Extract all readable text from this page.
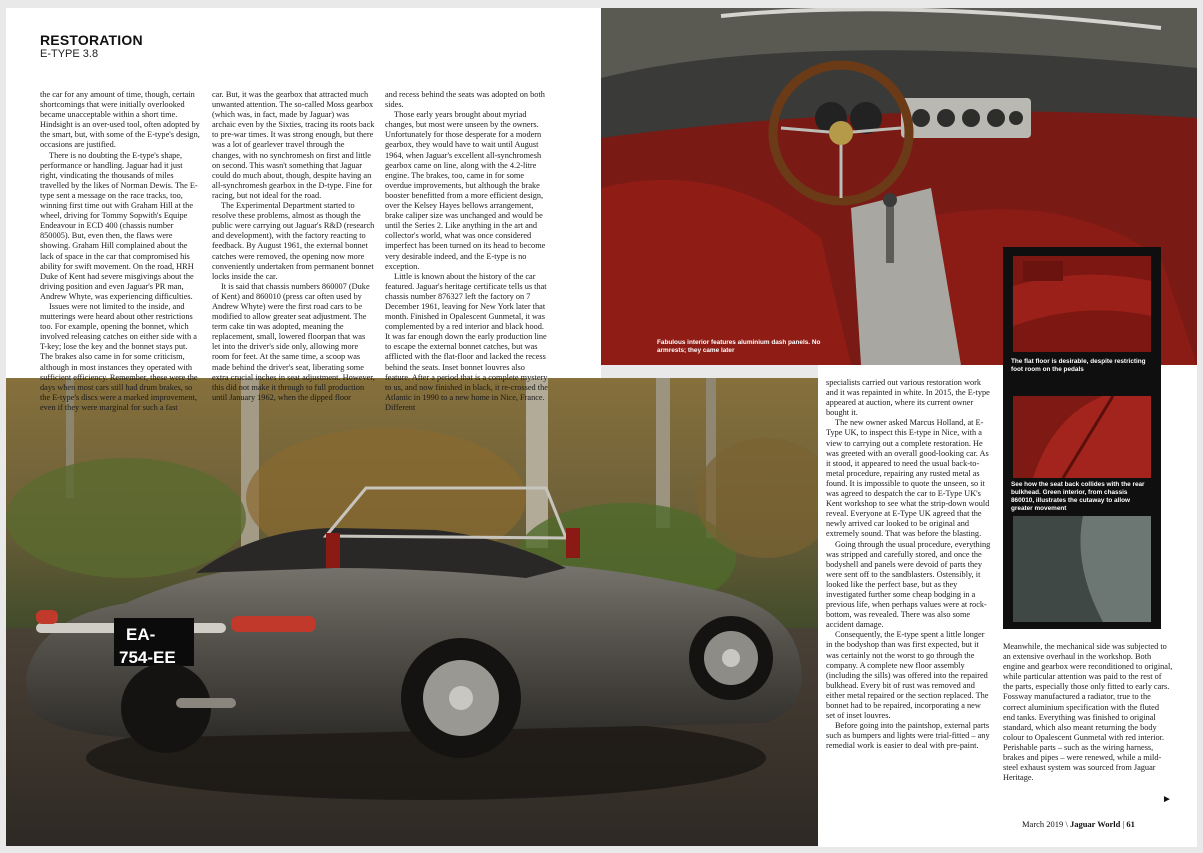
EA-
754-EE
RESTORATION
E-TYPE 3.8

the car for any amount of time, though, certain shortcomings that were initially overlooked became unacceptable within a short time. Hindsight is an over-used tool, often adopted by the smart, but, with some of the E-type's design, occasions are justified.

There is no doubting the E-type's shape, performance or handling. Jaguar had it just right, vindicating the thousands of miles travelled by the likes of Norman Dewis. The E-type sent a message on the race tracks, too, winning first time out with Graham Hill at the wheel, driving for Tommy Sopwith's Equipe Endeavour in ECD 400 (chassis number 850005). But, even then, the flaws were showing. Graham Hill complained about the lack of space in the car that compromised his ability for swift movement. On the road, HRH Duke of Kent had severe misgivings about the driving position and even Jaguar's PR man, Andrew Whyte, was experiencing difficulties.

Issues were not limited to the inside, and mutterings were heard about other restrictions too. For example, opening the bonnet, which involved releasing catches on either side with a T-key; lose the key and the bonnet stays put. The brakes also came in for some criticism, although in most instances they operated with sufficient efficiency. Remember, these were the days when most cars still had drum brakes, so the E-type's discs were a marked improvement, even if they were marginal for such a fast

car. But, it was the gearbox that attracted much unwanted attention. The so-called Moss gearbox (which was, in fact, made by Jaguar) was archaic even by the Sixties, tracing its roots back to pre-war times. It was strong enough, but there was a lot of gearlever travel through the changes, with no synchromesh on first and little on second. This wasn't something that Jaguar could do much about, though, despite having an all-synchromesh gearbox in the D-type. Fine for racing, but not ideal for the road.

The Experimental Department started to resolve these problems, almost as though the public were carrying out Jaguar's R&D (research and development), with the factory reacting to feedback. By August 1961, the external bonnet catches were removed, the opening now more conveniently undertaken from permanent bonnet locks inside the car.

It is said that chassis numbers 860007 (Duke of Kent) and 860010 (press car often used by Andrew Whyte) were the first road cars to be modified to allow greater seat adjustment. The term cake tin was adopted, meaning the replacement, small, lowered floorpan that was let into the driver's side only, allowing more room for feet. At the same time, a scoop was made behind the driver's seat, liberating some extra crucial inches in seat adjustment. However, this did not make it through to full production until January 1962, when the dipped floor

and recess behind the seats was adopted on both sides.

Those early years brought about myriad changes, but most were unseen by the owners. Unfortunately for those desperate for a modern gearbox, they would have to wait until August 1964, when Jaguar's excellent all-synchromesh gearbox came on line, along with the 4.2-litre engine. The brakes, too, came in for some overdue improvements, but although the brake booster benefitted from a more efficient design, over the Kelsey Hayes bellows arrangement, brake caliper size was unchanged and would be until the Series 2. Like anything in the art and collector's world, what was once considered imperfect has been turned on its head to become very desirable indeed, and the E-type is no exception.

Little is known about the history of the car featured. Jaguar's heritage certificate tells us that chassis number 876327 left the factory on 7 December 1961, leaving for New York later that month. Finished in Opalescent Gunmetal, it was complemented by a red interior and black hood. It was far enough down the early production line to escape the external bonnet catches, but was afflicted with the flat-floor and lacked the recess behind the seats. Inset bonnet louvres also feature. After a period that is a complete mystery to us, and now finished in black, it re-crossed the Atlantic in 1990 to a new home in Nice, France. Different

Fabulous interior features aluminium dash panels. No armrests; they came later

specialists carried out various restoration work and it was repainted in white. In 2015, the E-type appeared at auction, where its current owner bought it.

The new owner asked Marcus Holland, at E-Type UK, to inspect this E-type in Nice, with a view to carrying out a complete restoration. He was greeted with an overall good-looking car. As it stood, it appeared to need the usual back-to-metal procedure, repairing any rusted metal as found. It is impossible to quote the unseen, so it was agreed to despatch the car to E-Type UK's Kent workshop to see what the strip-down would reveal. Everyone at E-Type UK agreed that the newly arrived car looked to be original and extremely sound. That was before the blasting.

Going through the usual procedure, everything was stripped and carefully stored, and once the bodyshell and panels were devoid of parts they were sent off to the sandblasters. Ostensibly, it looked like the perfect base, but as they investigated further some cheap bodging in a previous life, when perhaps values were at rock-bottom, was revealed. There was also some accident damage.

Consequently, the E-type spent a little longer in the bodyshop than was first expected, but it was certainly not the worst to go through the company. A complete new floor assembly (including the sills) was offered into the repaired bulkhead. Every bit of rust was removed and either metal repaired or the section replaced. The bonnet had to be repaired, incorporating a new set of inset louvres.

Before going into the paintshop, external parts such as bumpers and lights were trial-fitted – any remedial work is easier to deal with pre-paint.

Meanwhile, the mechanical side was subjected to an extensive overhaul in the workshop. Both engine and gearbox were reconditioned to original, while particular attention was paid to the rest of the parts, especially those only fitted to early cars. Fossway manufactured a radiator, true to the correct aluminium specification with the fluted end tanks. Everything was finished to original standard, which also meant returning the body colour to Opalescent Gunmetal with red interior. Perishable parts – such as the wiring harness, brakes and pipes – were renewed, while a mild-steel exhaust system was sourced from Jaguar Heritage.

The flat floor is desirable, despite restricting foot room on the pedals
See how the seat back collides with the rear bulkhead. Green interior, from chassis 860010, illustrates the cutaway to allow greater movement
►
March 2019 \ Jaguar World | 61
